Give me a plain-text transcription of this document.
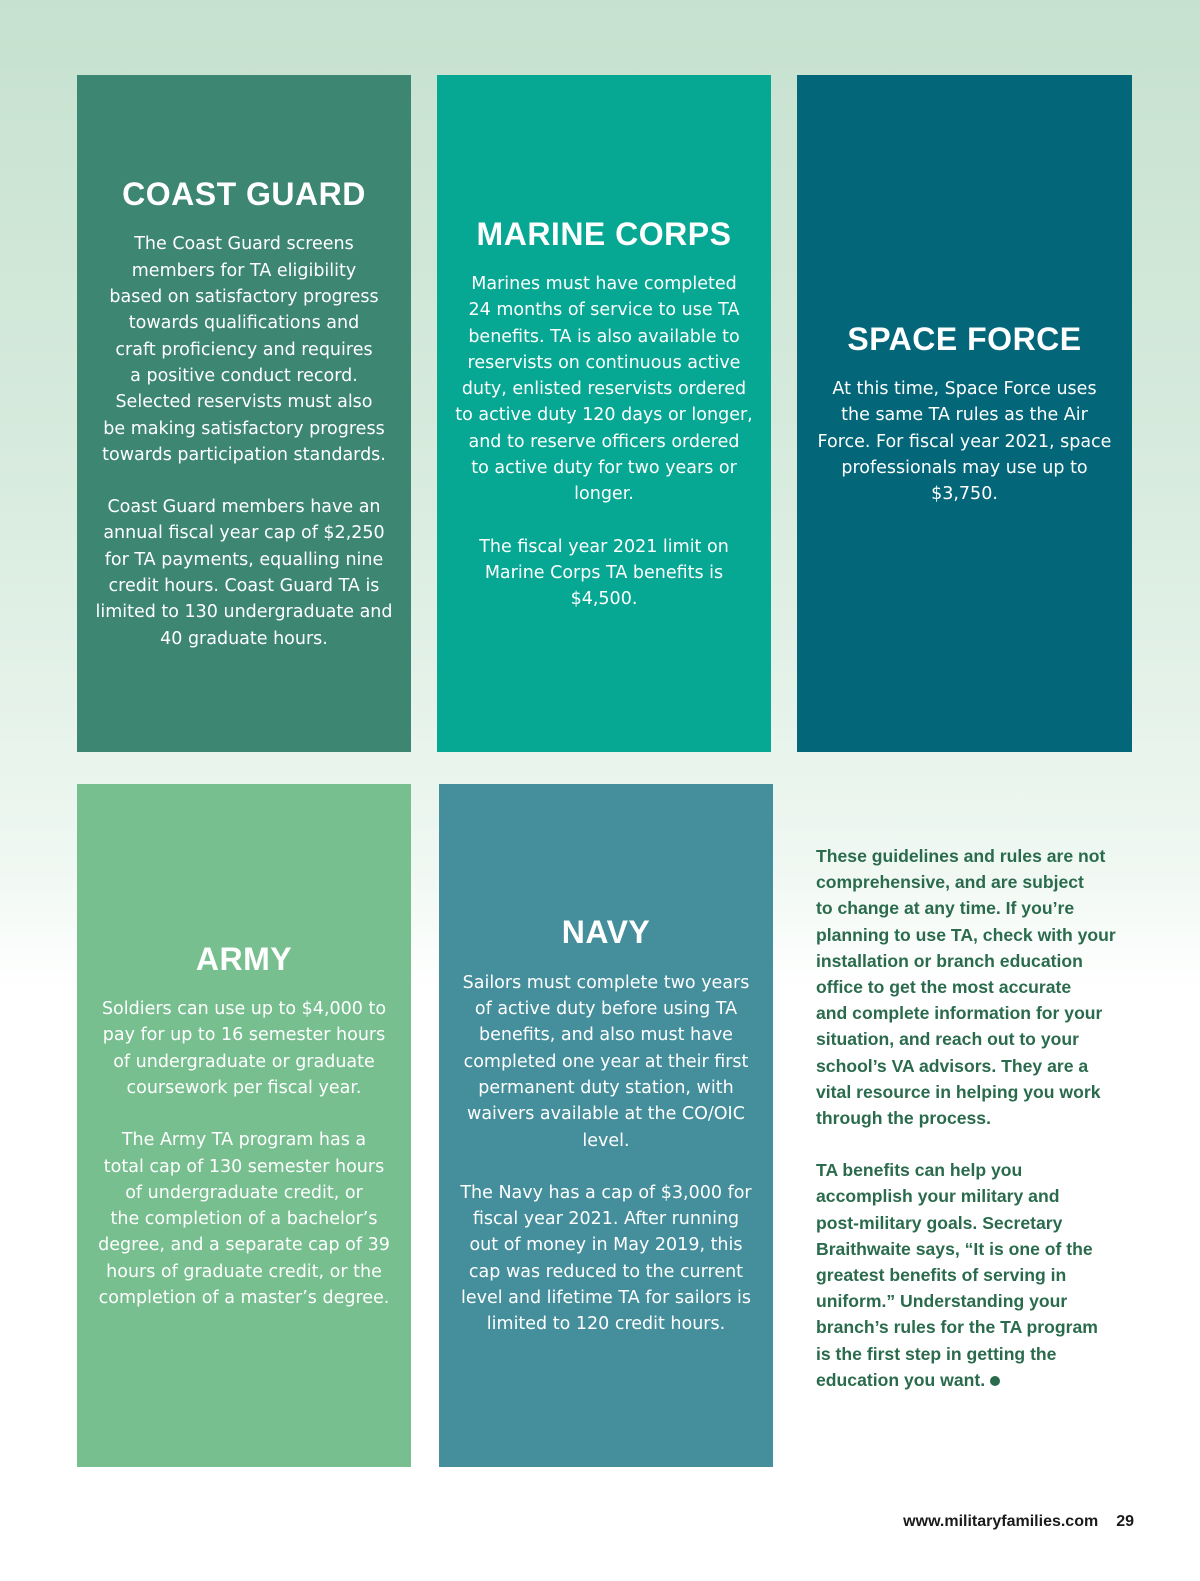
COAST GUARD

The Coast Guard screens
members for TA eligibility
based on satisfactory progress
towards qualifications and
craft proficiency and requires
a positive conduct record.
Selected reservists must also
be making satisfactory progress
towards participation standards.

Coast Guard members have an
annual fiscal year cap of $2,250
for TA payments, equalling nine
credit hours. Coast Guard TA is
limited to 130 undergraduate and
40 graduate hours.

MARINE CORPS

Marines must have completed
24 months of service to use TA
benefits. TA is also available to
reservists on continuous active
duty, enlisted reservists ordered
to active duty 120 days or longer,
and to reserve officers ordered
to active duty for two years or
longer.

The fiscal year 2021 limit on
Marine Corps TA benefits is
$4,500.

SPACE FORCE

At this time, Space Force uses
the same TA rules as the Air
Force. For fiscal year 2021, space
professionals may use up to
$3,750.

ARMY

Soldiers can use up to $4,000 to
pay for up to 16 semester hours
of undergraduate or graduate
coursework per fiscal year.

The Army TA program has a
total cap of 130 semester hours
of undergraduate credit, or
the completion of a bachelor’s
degree, and a separate cap of 39
hours of graduate credit, or the
completion of a master’s degree.

NAVY

Sailors must complete two years
of active duty before using TA
benefits, and also must have
completed one year at their first
permanent duty station, with
waivers available at the CO/OIC
level.

The Navy has a cap of $3,000 for
fiscal year 2021. After running
out of money in May 2019, this
cap was reduced to the current
level and lifetime TA for sailors is
limited to 120 credit hours.

These guidelines and rules are not
comprehensive, and are subject
to change at any time. If you’re
planning to use TA, check with your
installation or branch education
office to get the most accurate
and complete information for your
situation, and reach out to your
school’s VA advisors. They are a
vital resource in helping you work
through the process.

TA benefits can help you
accomplish your military and
post-military goals. Secretary
Braithwaite says, “It is one of the
greatest benefits of serving in
uniform.” Understanding your
branch’s rules for the TA program
is the first step in getting the
education you want.

www.militaryfamilies.com 29
